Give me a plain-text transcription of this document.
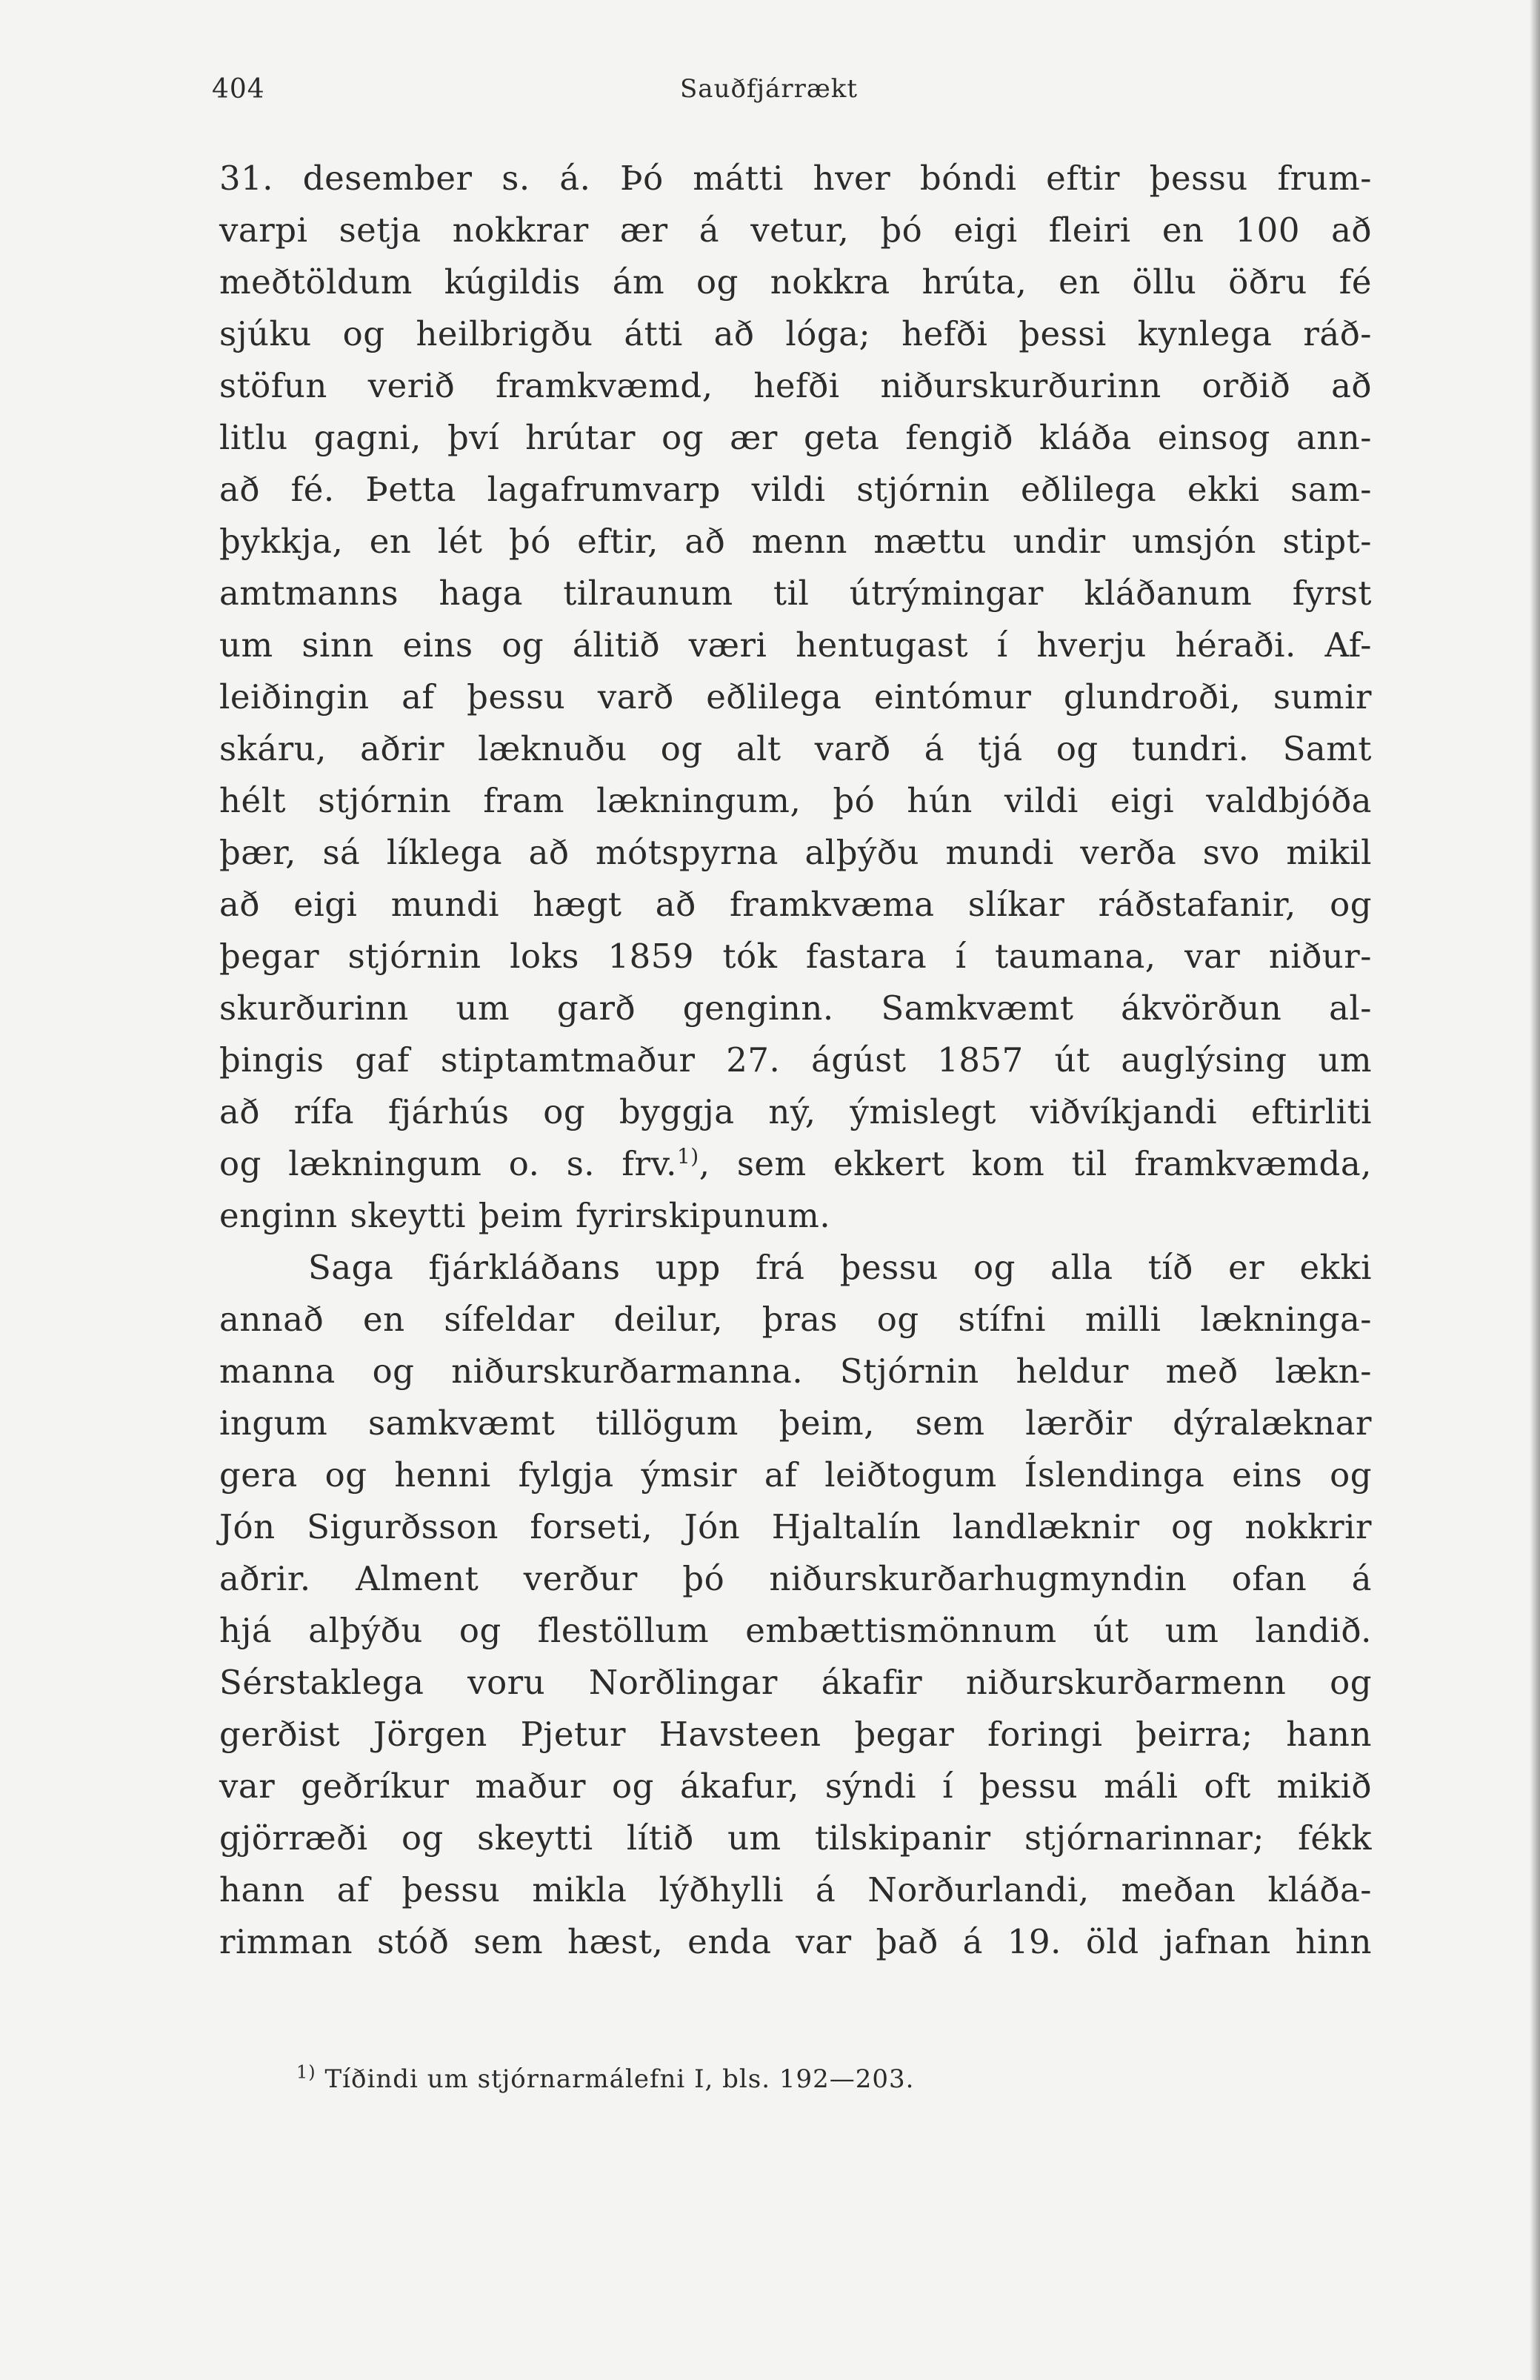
404	Sauðfjárrækt
31. desember s. á. Þó mátti hver bóndi eftir þessu frum-
varpi setja nokkrar ær á vetur, þó eigi fleiri en 100 að
meðtöldum kúgildis ám og nokkra hrúta, en öllu öðru fé
sjúku og heilbrigðu átti að lóga; hefði þessi kynlega ráð-
stöfun verið framkvæmd, hefði niðurskurðurinn orðið að
litlu gagni, því hrútar og ær geta fengið kláða einsog ann-
að fé. Þetta lagafrumvarp vildi stjórnin eðlilega ekki sam-
þykkja, en lét þó eftir, að menn mættu undir umsjón stipt-
amtmanns haga tilraunum til útrýmingar kláðanum fyrst
um sinn eins og álitið væri hentugast í hverju héraði. Af-
leiðingin af þessu varð eðlilega eintómur glundroði, sumir
skáru, aðrir læknuðu og alt varð á tjá og tundri. Samt
hélt stjórnin fram lækningum, þó hún vildi eigi valdbjóða
þær, sá líklega að mótspyrna alþýðu mundi verða svo mikil
að eigi mundi hægt að framkvæma slíkar ráðstafanir, og
þegar stjórnin loks 1859 tók fastara í taumana, var niður-
skurðurinn um garð genginn. Samkvæmt ákvörðun al-
þingis gaf stiptamtmaður 27. ágúst 1857 út auglýsing um
að rífa fjárhús og byggja ný, ýmislegt viðvíkjandi eftirliti
og lækningum o. s. frv.$^{1)}$, sem ekkert kom til framkvæmda,
enginn skeytti þeim fyrirskipunum.
Saga fjárkláðans upp frá þessu og alla tíð er ekki
annað en sífeldar deilur, þras og stífni milli lækninga-
manna og niðurskurðarmanna. Stjórnin heldur með lækn-
ingum samkvæmt tillögum þeim, sem lærðir dýralæknar
gera og henni fylgja ýmsir af leiðtogum Íslendinga eins og
Jón Sigurðsson forseti, Jón Hjaltalín landlæknir og nokkrir
aðrir. Alment verður þó niðurskurðarhugmyndin ofan á
hjá alþýðu og flestöllum embættismönnum út um landið.
Sérstaklega voru Norðlingar ákafir niðurskurðarmenn og
gerðist Jörgen Pjetur Havsteen þegar foringi þeirra; hann
var geðríkur maður og ákafur, sýndi í þessu máli oft mikið
gjörræði og skeytti lítið um tilskipanir stjórnarinnar; fékk
hann af þessu mikla lýðhylli á Norðurlandi, meðan kláða-
rimman stóð sem hæst, enda var það á 19. öld jafnan hinn
$^{1)}$ Tíðindi um stjórnarmálefni I, bls. 192—203.
